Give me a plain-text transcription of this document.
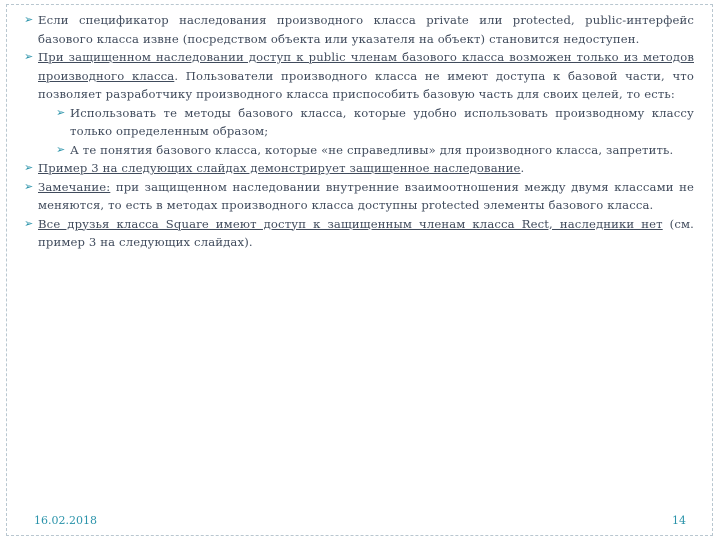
➢ Если спецификатор наследования производного класса private или protected, public-интерфейс базового класса извне (посредством объекта или указателя на объект) становится недоступен.
➢ При защищенном наследовании доступ к public членам базового класса возможен только из методов производного класса. Пользователи производного класса не имеют доступа к базовой части, что позволяет разработчику производного класса приспособить базовую часть для своих целей, то есть:
➢ Использовать те методы базового класса, которые удобно использовать производному классу только определенным образом;
➢ А те понятия базового класса, которые «не справедливы» для производного класса, запретить.
➢ Пример 3 на следующих слайдах демонстрирует защищенное наследование.
➢ Замечание: при защищенном наследовании внутренние взаимоотношения между двумя классами не меняются, то есть в методах производного класса доступны protected элементы базового класса.
➢ Все друзья класса Square имеют доступ к защищенным членам класса Rect, наследники нет (см. пример 3 на следующих слайдах).
16.02.2018	14
